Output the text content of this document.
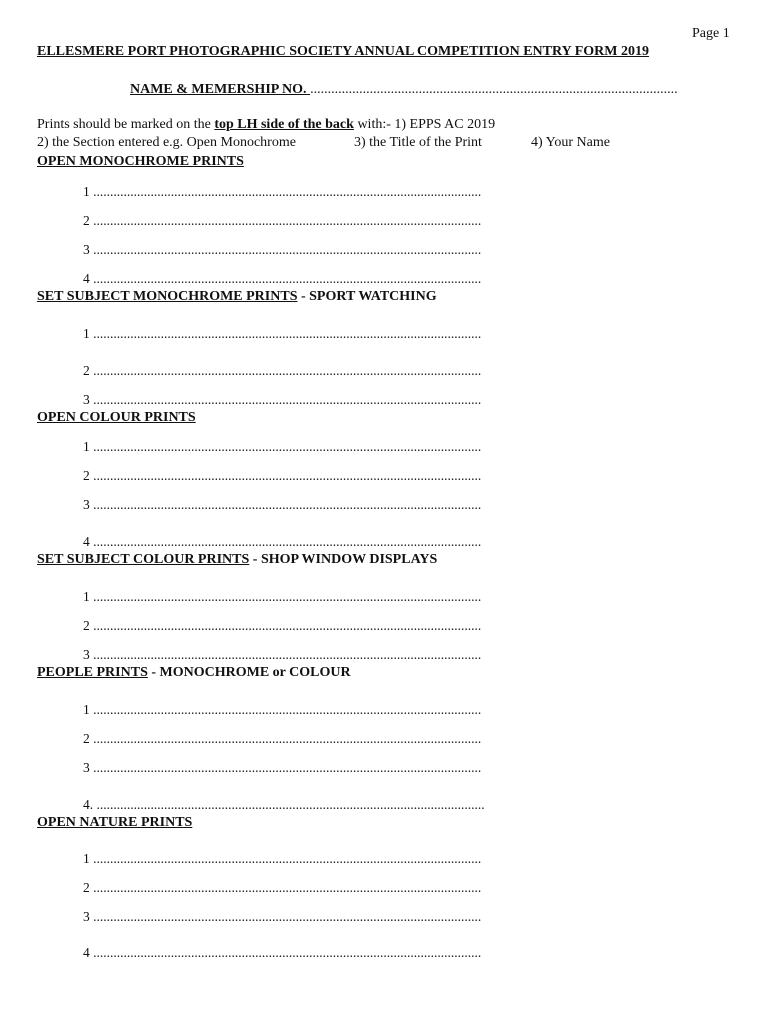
Page 1
ELLESMERE PORT PHOTOGRAPHIC SOCIETY ANNUAL COMPETITION ENTRY FORM 2019
NAME & MEMERSHIP NO. .........................................................................................................
Prints should be marked on the top LH side of the back with:- 1) EPPS AC 2019
2) the Section entered e.g. Open Monochrome	3) the Title of the Print	4) Your Name
OPEN MONOCHROME PRINTS
1 ...................................................................................................................
2 ...................................................................................................................
3 ...................................................................................................................
4 ...................................................................................................................
SET SUBJECT MONOCHROME PRINTS - SPORT WATCHING
1 ...................................................................................................................
2 ...................................................................................................................
3 ...................................................................................................................
OPEN COLOUR PRINTS
1 ...................................................................................................................
2 ...................................................................................................................
3 ...................................................................................................................
4 ...................................................................................................................
SET SUBJECT COLOUR PRINTS - SHOP WINDOW DISPLAYS
1 ...................................................................................................................
2 ...................................................................................................................
3 ...................................................................................................................
PEOPLE PRINTS - MONOCHROME or COLOUR
1 ...................................................................................................................
2 ...................................................................................................................
3 ...................................................................................................................
4. ...................................................................................................................
OPEN NATURE PRINTS
1 ...................................................................................................................
2 ...................................................................................................................
3 ...................................................................................................................
4 ...................................................................................................................
